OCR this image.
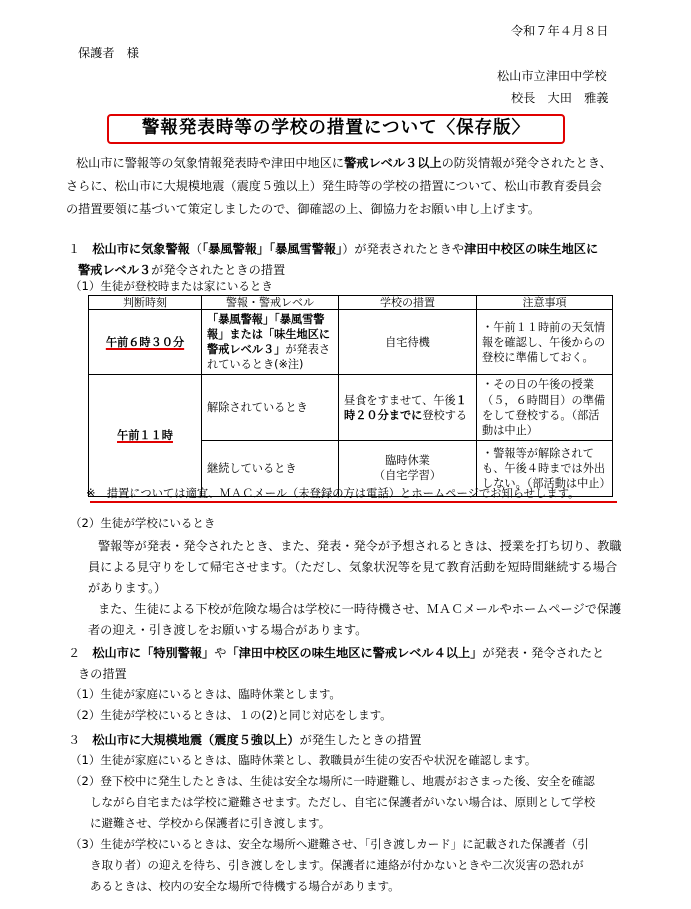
令和７年４月８日
保護者　様
松山市立津田中学校
校長　大田　雅義
警報発表時等の学校の措置について〈保存版〉
松山市に警報等の気象情報発表時や津田中地区に警戒レベル３以上の防災情報が発令されたとき、
さらに、松山市に大規模地震（震度５強以上）発生時等の学校の措置について、松山市教育委員会
の措置要領に基づいて策定しましたので、御確認の上、御協力をお願い申し上げます。
１　松山市に気象警報（「暴風警報」「暴風雪警報」）が発表されたときや津田中校区の味生地区に
警戒レベル３が発令されたときの措置
（1）生徒が登校時または家にいるとき
判断時刻	警報・警戒レベル	学校の措置	注意事項
午前６時３０分	「暴風警報」「暴風雪警報」または「味生地区に警戒レベル３」が発表されているとき(※注)	自宅待機	・午前１１時前の天気情報を確認し、午後からの登校に準備しておく。
午前１１時	解除されているとき	昼食をすませて、午後１時２０分までに登校する	・その日の午後の授業（５，６時間目）の準備をして登校する。（部活動は中止）
	継続しているとき	臨時休業
（自宅学習）	・警報等が解除されても、午後４時までは外出しない。（部活動は中止）
※　措置については適宜、ＭＡＣメール（未登録の方は電話）とホームページでお知らせします。
（2）生徒が学校にいるとき
警報等が発表・発令されたとき、また、発表・発令が予想されるときは、授業を打ち切り、教職
員による見守りをして帰宅させます。（ただし、気象状況等を見て教育活動を短時間継続する場合
があります。）
また、生徒による下校が危険な場合は学校に一時待機させ、ＭＡＣメールやホームページで保護
者の迎え・引き渡しをお願いする場合があります。
２　松山市に「特別警報」や「津田中校区の味生地区に警戒レベル４以上」が発表・発令されたと
きの措置
（1）生徒が家庭にいるときは、臨時休業とします。
（2）生徒が学校にいるときは、１の(2)と同じ対応をします。
３　松山市に大規模地震（震度５強以上）が発生したときの措置
（1）生徒が家庭にいるときは、臨時休業とし、教職員が生徒の安否や状況を確認します。
（2）登下校中に発生したときは、生徒は安全な場所に一時避難し、地震がおさまった後、安全を確認
しながら自宅または学校に避難させます。ただし、自宅に保護者がいない場合は、原則として学校
に避難させ、学校から保護者に引き渡します。
（3）生徒が学校にいるときは、安全な場所へ避難させ、「引き渡しカード」に記載された保護者（引
き取り者）の迎えを待ち、引き渡しをします。保護者に連絡が付かないときや二次災害の恐れが
あるときは、校内の安全な場所で待機する場合があります。
